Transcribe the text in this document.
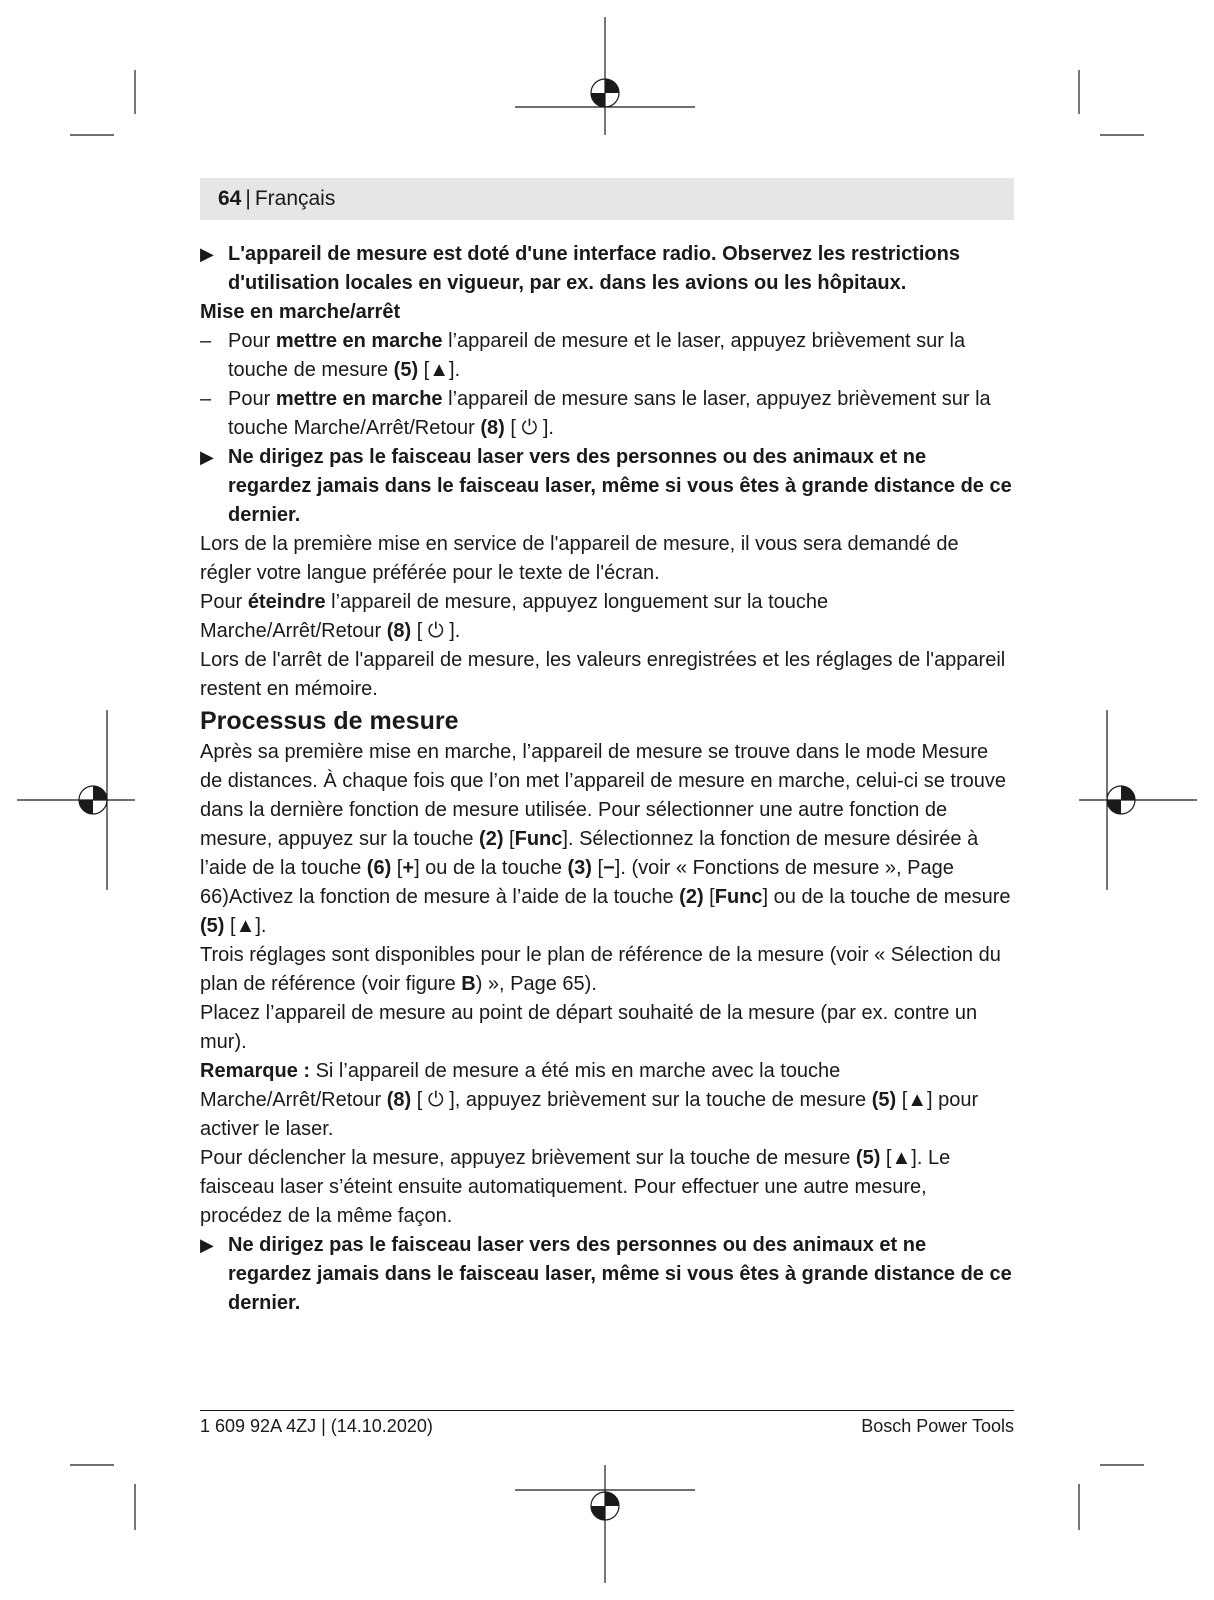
64 | Français

▶ L'appareil de mesure est doté d'une interface radio. Observez les restrictions d'utilisation locales en vigueur, par ex. dans les avions ou les hôpitaux.

Mise en marche/arrêt

– Pour mettre en marche l’appareil de mesure et le laser, appuyez brièvement sur la touche de mesure (5) [▲].

– Pour mettre en marche l’appareil de mesure sans le laser, appuyez brièvement sur la touche Marche/Arrêt/Retour (8) [ ⏻ ].

▶ Ne dirigez pas le faisceau laser vers des personnes ou des animaux et ne regardez jamais dans le faisceau laser, même si vous êtes à grande distance de ce dernier.

Lors de la première mise en service de l'appareil de mesure, il vous sera demandé de régler votre langue préférée pour le texte de l'écran.

Pour éteindre l’appareil de mesure, appuyez longuement sur la touche Marche/Arrêt/Retour (8) [ ⏻ ].

Lors de l'arrêt de l'appareil de mesure, les valeurs enregistrées et les réglages de l'appareil restent en mémoire.

Processus de mesure

Après sa première mise en marche, l’appareil de mesure se trouve dans le mode Mesure de distances. À chaque fois que l’on met l’appareil de mesure en marche, celui-ci se trouve dans la dernière fonction de mesure utilisée. Pour sélectionner une autre fonction de mesure, appuyez sur la touche (2) [Func]. Sélectionnez la fonction de mesure désirée à l’aide de la touche (6) [+] ou de la touche (3) [−]. (voir « Fonctions de mesure », Page 66)Activez la fonction de mesure à l’aide de la touche (2) [Func] ou de la touche de mesure (5) [▲].

Trois réglages sont disponibles pour le plan de référence de la mesure (voir « Sélection du plan de référence (voir figure B) », Page 65).

Placez l’appareil de mesure au point de départ souhaité de la mesure (par ex. contre un mur).

Remarque : Si l’appareil de mesure a été mis en marche avec la touche Marche/Arrêt/Retour (8) [ ⏻ ], appuyez brièvement sur la touche de mesure (5) [▲] pour activer le laser.

Pour déclencher la mesure, appuyez brièvement sur la touche de mesure (5) [▲]. Le faisceau laser s’éteint ensuite automatiquement. Pour effectuer une autre mesure, procédez de la même façon.

▶ Ne dirigez pas le faisceau laser vers des personnes ou des animaux et ne regardez jamais dans le faisceau laser, même si vous êtes à grande distance de ce dernier.

1 609 92A 4ZJ | (14.10.2020)	Bosch Power Tools
